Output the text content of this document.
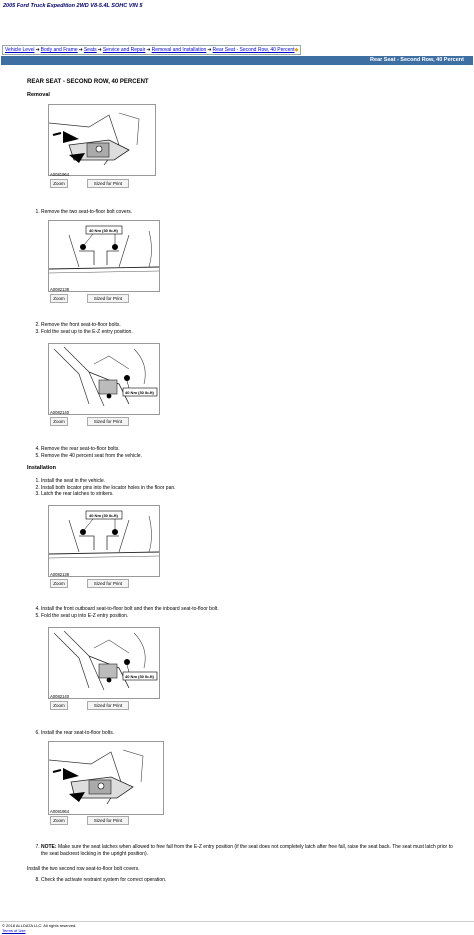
2005 Ford Truck Expedition 2WD V8-5.4L SOHC VIN 5
Vehicle Level➜Body and Frame➜Seats➜Service and Repair➜Removal and Installation➜Rear Seat - Second Row, 40 Percent◆
Rear Seat - Second Row, 40 Percent
REAR SEAT - SECOND ROW, 40 PERCENT
Removal
A0081964
Zoom	Sized for Print
1. Remove the two seat-to-floor bolt covers.
40 Nm (30 lb-ft)
A0082139
Zoom	Sized for Print
2. Remove the front seat-to-floor bolts.
3. Fold the seat up to the E-Z entry position.
40 Nm (30 lb-ft)
A0082140
Zoom	Sized for Print
4. Remove the rear seat-to-floor bolts.
5. Remove the 40 percent seat from the vehicle.
Installation
1. Install the seat in the vehicle.
2. Install both locator pins into the locator holes in the floor pan.
3. Latch the rear latches to strikers.
40 Nm (30 lb-ft)
A0082139
Zoom	Sized for Print
4. Install the front outboard seat-to-floor bolt and then the inboard seat-to-floor bolt.
5. Fold the seat up into E-Z entry position.
40 Nm (30 lb-ft)
A0082140
Zoom	Sized for Print
6. Install the rear seat-to-floor bolts.
A0081964
Zoom	Sized for Print
7. NOTE: Make sure the seat latches when allowed to free fall from the E-Z entry position (if the seat does not completely latch after free fall, raise the seat back. The seat must latch prior to the seat backrest locking in the upright position).
Install the two second row seat-to-floor bolt covers.
8. Check the activate restraint system for correct operation.
© 2018 ALLDATA LLC. All rights reserved.
Terms of Use
